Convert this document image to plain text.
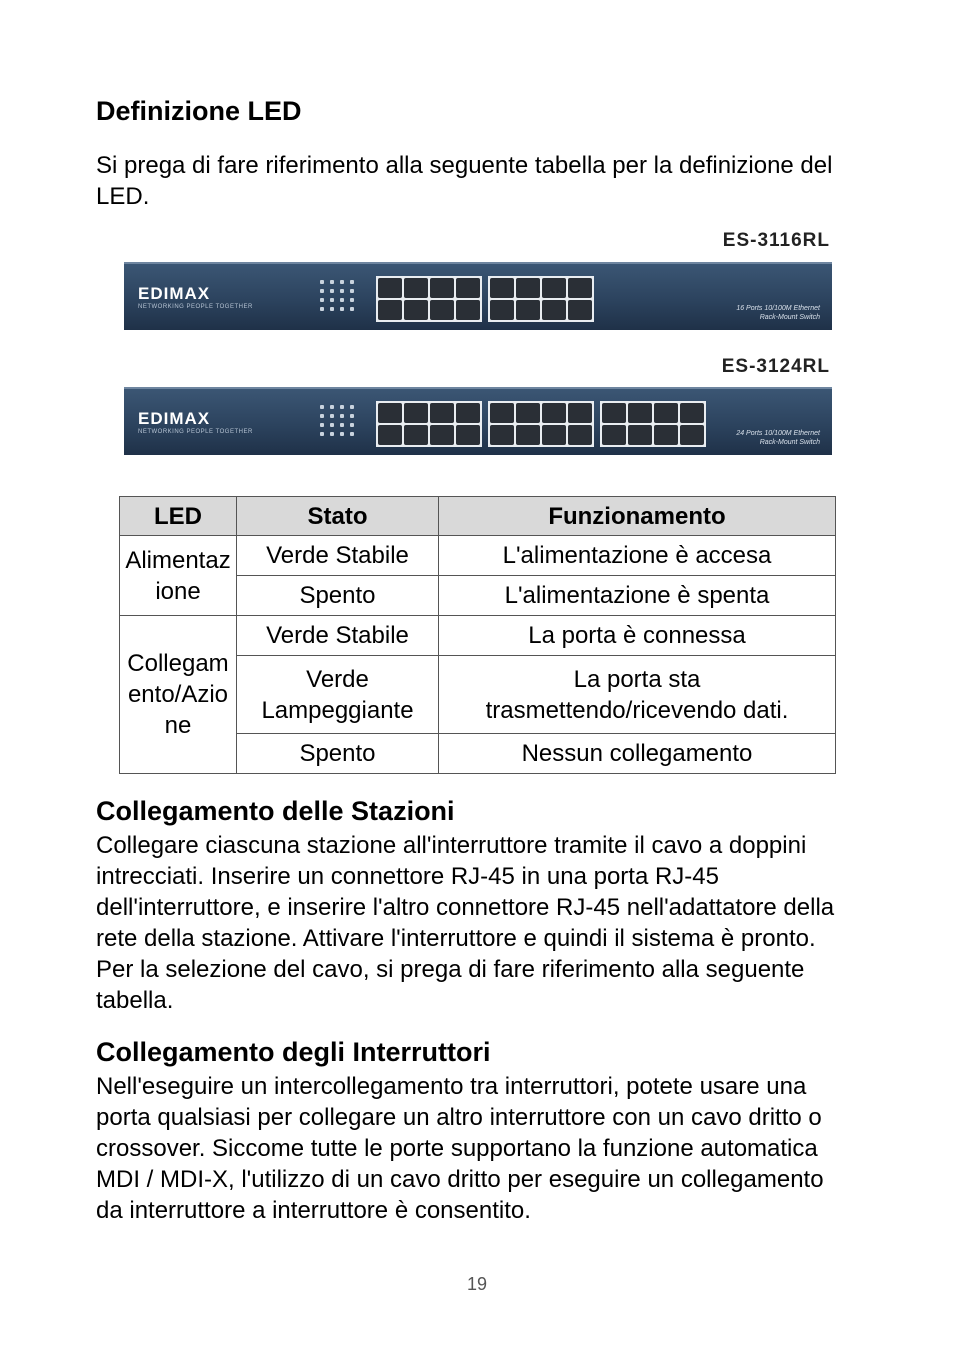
Definizione LED

Si prega di fare riferimento alla seguente tabella per la definizione del LED.

ES-3116RL
EDIMAX
NETWORKING PEOPLE TOGETHER	16 Ports 10/100M Ethernet
Rack-Mount Switch
ES-3124RL
EDIMAX
NETWORKING PEOPLE TOGETHER	24 Ports 10/100M Ethernet
Rack-Mount Switch
LED	Stato	Funzionamento
Alimentazione	Verde Stabile	L'alimentazione è accesa
	Spento	L'alimentazione è spenta
Collegamento/Azione	Verde Stabile	La porta è connessa
	Verde Lampeggiante	La porta sta trasmettendo/ricevendo dati.
	Spento	Nessun collegamento
Collegamento delle Stazioni

Collegare ciascuna stazione all'interruttore tramite il cavo a doppini intrecciati. Inserire un connettore RJ-45 in una porta RJ-45 dell'interruttore, e inserire l'altro connettore RJ-45 nell'adattatore della rete della stazione. Attivare l'interruttore e quindi il sistema è pronto.    Per la selezione del cavo, si prega di fare riferimento alla seguente tabella.

Collegamento degli Interruttori

Nell'eseguire un intercollegamento tra interruttori, potete usare una porta qualsiasi per collegare un altro interruttore con un cavo dritto o crossover. Siccome tutte le porte supportano la funzione automatica MDI / MDI-X, l'utilizzo di un cavo dritto per eseguire un collegamento da interruttore a interruttore è consentito.

19
